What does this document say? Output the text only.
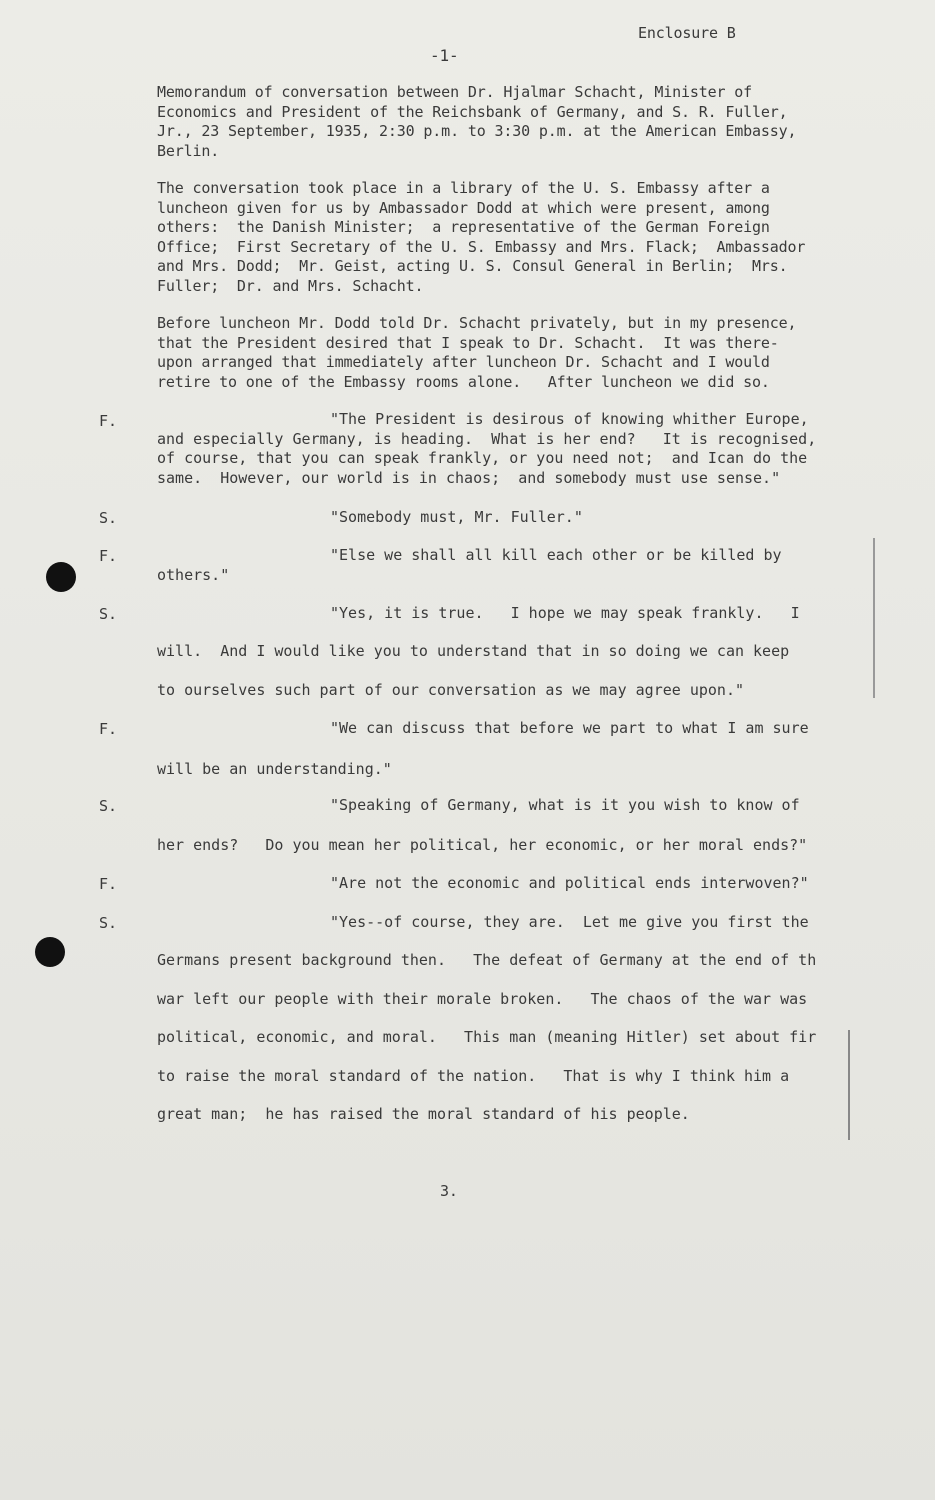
Enclosure B
-1-
Memorandum of conversation between Dr. Hjalmar Schacht, Minister of
Economics and President of the Reichsbank of Germany, and S. R. Fuller,
Jr., 23 September, 1935, 2:30 p.m. to 3:30 p.m. at the American Embassy,
Berlin.
The conversation took place in a library of the U. S. Embassy after a
luncheon given for us by Ambassador Dodd at which were present, among
others:  the Danish Minister;  a representative of the German Foreign
Office;  First Secretary of the U. S. Embassy and Mrs. Flack;  Ambassador
and Mrs. Dodd;  Mr. Geist, acting U. S. Consul General in Berlin;  Mrs.
Fuller;  Dr. and Mrs. Schacht.
Before luncheon Mr. Dodd told Dr. Schacht privately, but in my presence,
that the President desired that I speak to Dr. Schacht.  It was there-
upon arranged that immediately after luncheon Dr. Schacht and I would
retire to one of the Embassy rooms alone.   After luncheon we did so.
F.	"The President is desirous of knowing whither Europe,
and especially Germany, is heading.  What is her end?   It is recognised,
of course, that you can speak frankly, or you need not;  and Ican do the
same.  However, our world is in chaos;  and somebody must use sense."
S.	"Somebody must, Mr. Fuller."
F.	"Else we shall all kill each other or be killed by
others."
S.	"Yes, it is true.   I hope we may speak frankly.   I
will.  And I would like you to understand that in so doing we can keep
to ourselves such part of our conversation as we may agree upon."
F.	"We can discuss that before we part to what I am sure
will be an understanding."
S.	"Speaking of Germany, what is it you wish to know of
her ends?   Do you mean her political, her economic, or her moral ends?"
F.	"Are not the economic and political ends interwoven?"
S.	"Yes--of course, they are.  Let me give you first the
Germans present background then.   The defeat of Germany at the end of th
war left our people with their morale broken.   The chaos of the war was
political, economic, and moral.   This man (meaning Hitler) set about fir
to raise the moral standard of the nation.   That is why I think him a
great man;  he has raised the moral standard of his people.
3.
